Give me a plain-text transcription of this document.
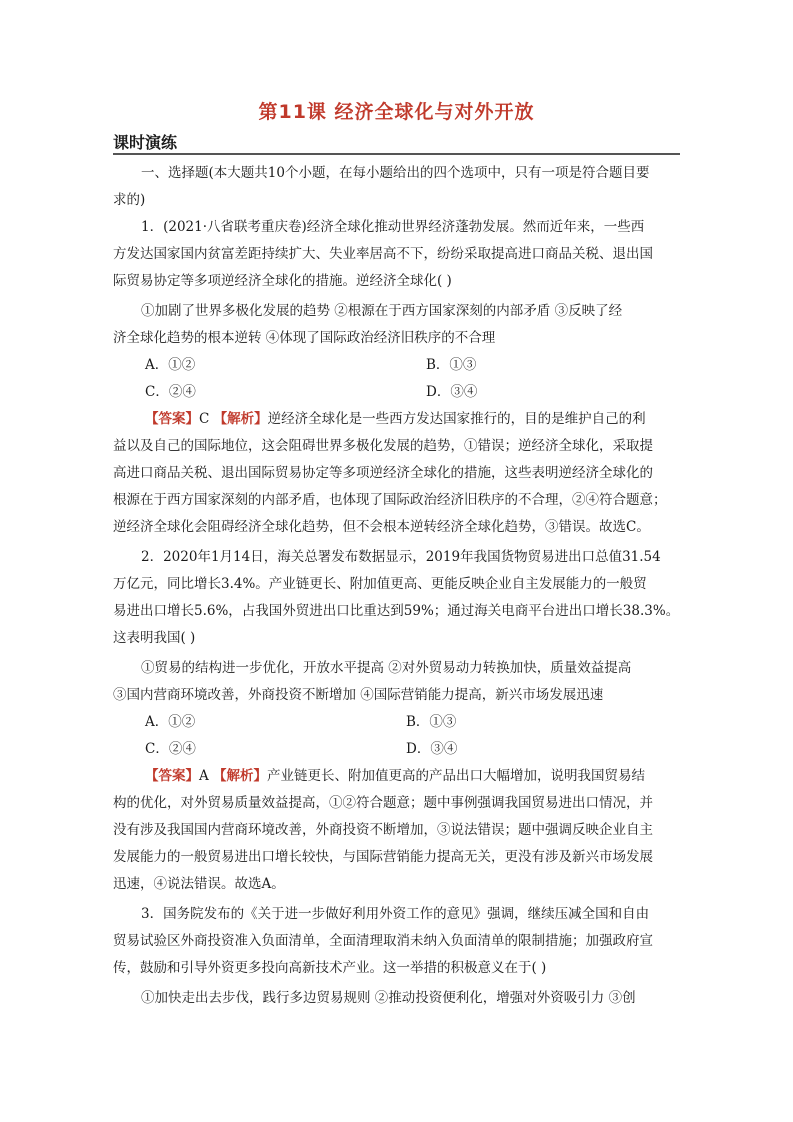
第11课 经济全球化与对外开放
课时演练
一、选择题(本大题共10个小题，在每小题给出的四个选项中，只有一项是符合题目要
求的)
1．(2021·八省联考重庆卷)经济全球化推动世界经济蓬勃发展。然而近年来，一些西
方发达国家国内贫富差距持续扩大、失业率居高不下，纷纷采取提高进口商品关税、退出国
际贸易协定等多项逆经济全球化的措施。逆经济全球化( )
①加剧了世界多极化发展的趋势 ②根源在于西方国家深刻的内部矛盾 ③反映了经
济全球化趋势的根本逆转 ④体现了国际政治经济旧秩序的不合理
A．①②	B．①③
C．②④	D．③④
【答案】C 【解析】逆经济全球化是一些西方发达国家推行的，目的是维护自己的利
益以及自己的国际地位，这会阻碍世界多极化发展的趋势，①错误；逆经济全球化，采取提
高进口商品关税、退出国际贸易协定等多项逆经济全球化的措施，这些表明逆经济全球化的
根源在于西方国家深刻的内部矛盾，也体现了国际政治经济旧秩序的不合理，②④符合题意；
逆经济全球化会阻碍经济全球化趋势，但不会根本逆转经济全球化趋势，③错误。故选C。
2．2020年1月14日，海关总署发布数据显示，2019年我国货物贸易进出口总值31.54
万亿元，同比增长3.4%。产业链更长、附加值更高、更能反映企业自主发展能力的一般贸
易进出口增长5.6%，占我国外贸进出口比重达到59%；通过海关电商平台进出口增长38.3%。
这表明我国( )
①贸易的结构进一步优化，开放水平提高 ②对外贸易动力转换加快，质量效益提高
③国内营商环境改善，外商投资不断增加 ④国际营销能力提高，新兴市场发展迅速
A．①②	B．①③
C．②④	D．③④
【答案】A 【解析】产业链更长、附加值更高的产品出口大幅增加，说明我国贸易结
构的优化，对外贸易质量效益提高，①②符合题意；题中事例强调我国贸易进出口情况，并
没有涉及我国国内营商环境改善，外商投资不断增加，③说法错误；题中强调反映企业自主
发展能力的一般贸易进出口增长较快，与国际营销能力提高无关，更没有涉及新兴市场发展
迅速，④说法错误。故选A。
3．国务院发布的《关于进一步做好利用外资工作的意见》强调，继续压减全国和自由
贸易试验区外商投资准入负面清单，全面清理取消未纳入负面清单的限制措施；加强政府宣
传，鼓励和引导外资更多投向高新技术产业。这一举措的积极意义在于( )
①加快走出去步伐，践行多边贸易规则 ②推动投资便利化，增强对外资吸引力 ③创
